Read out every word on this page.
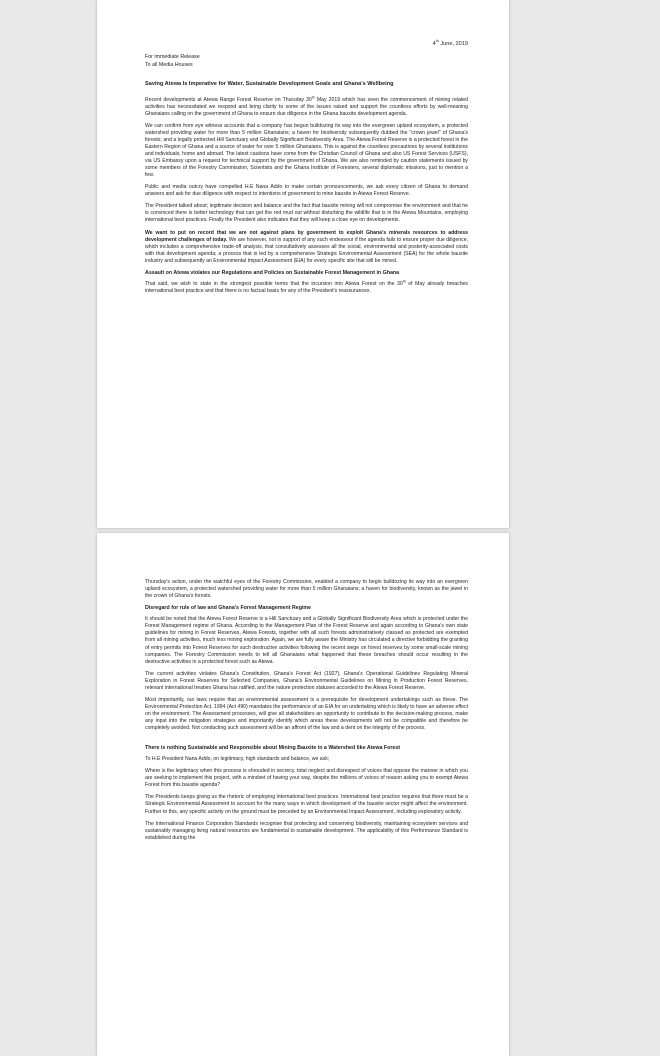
4th June, 2019
For immediate Release
To all Media Houses
Saving Atewa Is Imperative for Water, Sustainable Development Goals and Ghana's Wellbeing

Recent developments at Atewa Range Forest Reserve on Thursday 30th May 2019 which has seen the commencement of mining related activities has necessitated we respond and bring clarity to some of the issues raised and support the countless efforts by well-meaning Ghanaians calling on the government of Ghana to ensure due diligence in the Ghana bauxite development agenda.

We can confirm from eye witness accounts that a company has begun bulldozing its way into the evergreen upland ecosystem, a protected watershed providing water for more than 5 million Ghanaians; a haven for biodiversity subsequently dubbed the "crown jewel" of Ghana's forests; and a legally protected Hill Sanctuary and Globally Significant Biodiversity Area. The Atewa Forest Reserve is a protected forest in the Eastern Region of Ghana and a source of water for over 5 million Ghanaians. This is against the countless precautions by several institutions and individuals, home and abroad. The latest cautions have come from the Christian Council of Ghana and also US Forest Services (USFS), via US Embassy upon a request for technical support by the government of Ghana. We are also reminded by caution statements issued by some members of the Forestry Commission, Scientists and the Ghana Institute of Foresters, several diplomatic missions, just to mention a few.

Public and media outcry have compelled H.E Nana Addo to make certain pronouncements, we ask every citizen of Ghana to demand answers and ask for due diligence with respect to intentions of government to mine bauxite in Atewa Forest Reserve.

The President talked about; legitimate decision and balance and the fact that bauxite mining will not compromise the environment and that he is convinced there is better technology that can get the red mud out without disturbing the wildlife that is in the Atewa Mountains, employing international best practices. Finally the President also indicates that they will keep a close eye on developments.

We want to put on record that we are not against plans by government to exploit Ghana's minerals resources to address development challenges of today. We are however, not in support of any such endeavour if the agenda fails to ensure proper due diligence, which includes a comprehensive trade-off analysis, that consultatively assesses all the social, environmental and posterity-associated costs with that development agenda; a process that is led by a comprehensive Strategic Environmental Assessment (SEA) for the whole bauxite industry and subsequently an Environmental Impact Assessment (EIA) for every specific site that will be mined.

Assault on Atewa violates our Regulations and Policies on Sustainable Forest Management in Ghana

That said, we wish to state in the strongest possible terms that the incursion into Atewa Forest on the 30th of May already breaches international best practice and that there is no factual basis for any of the President's reassurances.

Thursday's action, under the watchful eyes of the Forestry Commission, enabled a company to begin bulldozing its way into an evergreen upland ecosystem, a protected watershed providing water for more than 5 million Ghanaians; a haven for biodiversity, known as the jewel in the crown of Ghana's forests.

Disregard for rule of law and Ghana's Forest Management Regime

It should be noted that the Atewa Forest Reserve is a Hill Sanctuary and a Globally Significant Biodiversity Area which is protected under the Forest Management regime of Ghana. According to the Management Plan of the Forest Reserve and again according to Ghana's own state guidelines for mining in Forest Reserves, Atewa Forests, together with all such forests administratively classed as protected are exempted from all mining activities, much less mining exploration. Again, we are fully aware the Ministry has circulated a directive forbidding the granting of entry permits into Forest Reserves for such destructive activities following the recent siege on forest reserves by some small-scale mining companies. The Forestry Commission needs to tell all Ghanaians what happened that these breaches should occur resulting in the destructive activities in a protected forest such as Atewa.

The current activities violates Ghana's Constitution, Ghana's Forest Act (1927), Ghana's Operational Guidelines Regulating Mineral Exploration in Forest Reserves for Selected Companies, Ghana's Environmental Guidelines on Mining in Production Forest Reserves, relevant international treaties Ghana has ratified, and the nature protection statuses accorded to the Atewa Forest Reserve.

Most importantly, our laws require that an environmental assessment is a prerequisite for development undertakings such as these. The Environmental Protection Act, 1994 (Act 490) mandates the performance of an EIA for an undertaking which is likely to have an adverse effect on the environment. The Assessment processes, will give all stakeholders an opportunity to contribute to the decision-making process, make any input into the mitigation strategies and importantly identify which areas these developments will not be compatible and therefore be completely avoided. Not conducting such assessment will be an affront of the law and a dent on the integrity of the process.

There is nothing Sustainable and Responsible about Mining Bauxite in a Watershed like Atewa Forest

To H.E President Nana Addo, on legitimacy, high standards and balance, we ask;

Where is the legitimacy when this process is shrouded in secrecy, total neglect and disrespect of voices that oppose the manner in which you are seeking to implement this project, with a mindset of having your way, despite the millions of voices of reason asking you to exempt Atewa Forest from this bauxite agenda?

The Presidents keeps giving us the rhetoric of employing international best practices. International best practice requires that there must be a Strategic Environmental Assessment to account for the many ways in which development of the bauxite sector might affect the environment. Further to this, any specific activity on the ground must be preceded by an Environmental Impact Assessment, including exploratory activity.

The International Finance Corporation Standards recognise that protecting and conserving biodiversity, maintaining ecosystem services and sustainably managing living natural resources are fundamental to sustainable development. The applicability of this Performance Standard is established during the
